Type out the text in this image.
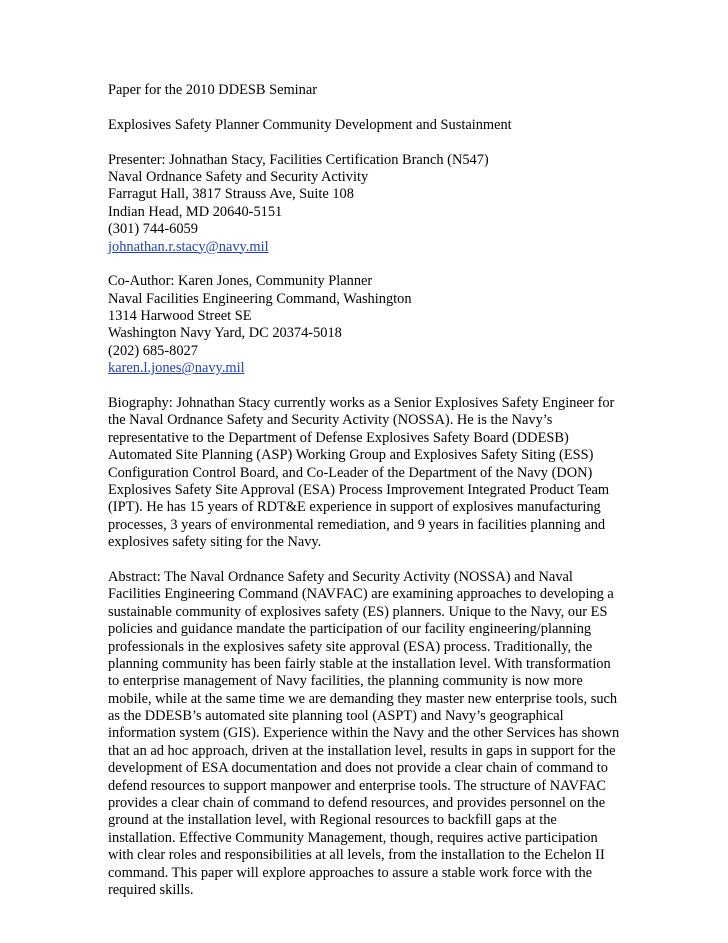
Paper for the 2010 DDESB Seminar
Explosives Safety Planner Community Development and Sustainment
Presenter: Johnathan Stacy, Facilities Certification Branch (N547)
Naval Ordnance Safety and Security Activity
Farragut Hall, 3817 Strauss Ave, Suite 108
Indian Head, MD 20640-5151
(301) 744-6059
johnathan.r.stacy@navy.mil
Co-Author: Karen Jones, Community Planner
Naval Facilities Engineering Command, Washington
1314 Harwood Street SE
Washington Navy Yard, DC 20374-5018
(202) 685-8027
karen.l.jones@navy.mil
Biography: Johnathan Stacy currently works as a Senior Explosives Safety Engineer for
the Naval Ordnance Safety and Security Activity (NOSSA). He is the Navy’s
representative to the Department of Defense Explosives Safety Board (DDESB)
Automated Site Planning (ASP) Working Group and Explosives Safety Siting (ESS)
Configuration Control Board, and Co-Leader of the Department of the Navy (DON)
Explosives Safety Site Approval (ESA) Process Improvement Integrated Product Team
(IPT). He has 15 years of RDT&E experience in support of explosives manufacturing
processes, 3 years of environmental remediation, and 9 years in facilities planning and
explosives safety siting for the Navy.
Abstract: The Naval Ordnance Safety and Security Activity (NOSSA) and Naval
Facilities Engineering Command (NAVFAC) are examining approaches to developing a
sustainable community of explosives safety (ES) planners. Unique to the Navy, our ES
policies and guidance mandate the participation of our facility engineering/planning
professionals in the explosives safety site approval (ESA) process. Traditionally, the
planning community has been fairly stable at the installation level. With transformation
to enterprise management of Navy facilities, the planning community is now more
mobile, while at the same time we are demanding they master new enterprise tools, such
as the DDESB’s automated site planning tool (ASPT) and Navy’s geographical
information system (GIS). Experience within the Navy and the other Services has shown
that an ad hoc approach, driven at the installation level, results in gaps in support for the
development of ESA documentation and does not provide a clear chain of command to
defend resources to support manpower and enterprise tools. The structure of NAVFAC
provides a clear chain of command to defend resources, and provides personnel on the
ground at the installation level, with Regional resources to backfill gaps at the
installation. Effective Community Management, though, requires active participation
with clear roles and responsibilities at all levels, from the installation to the Echelon II
command. This paper will explore approaches to assure a stable work force with the
required skills.
